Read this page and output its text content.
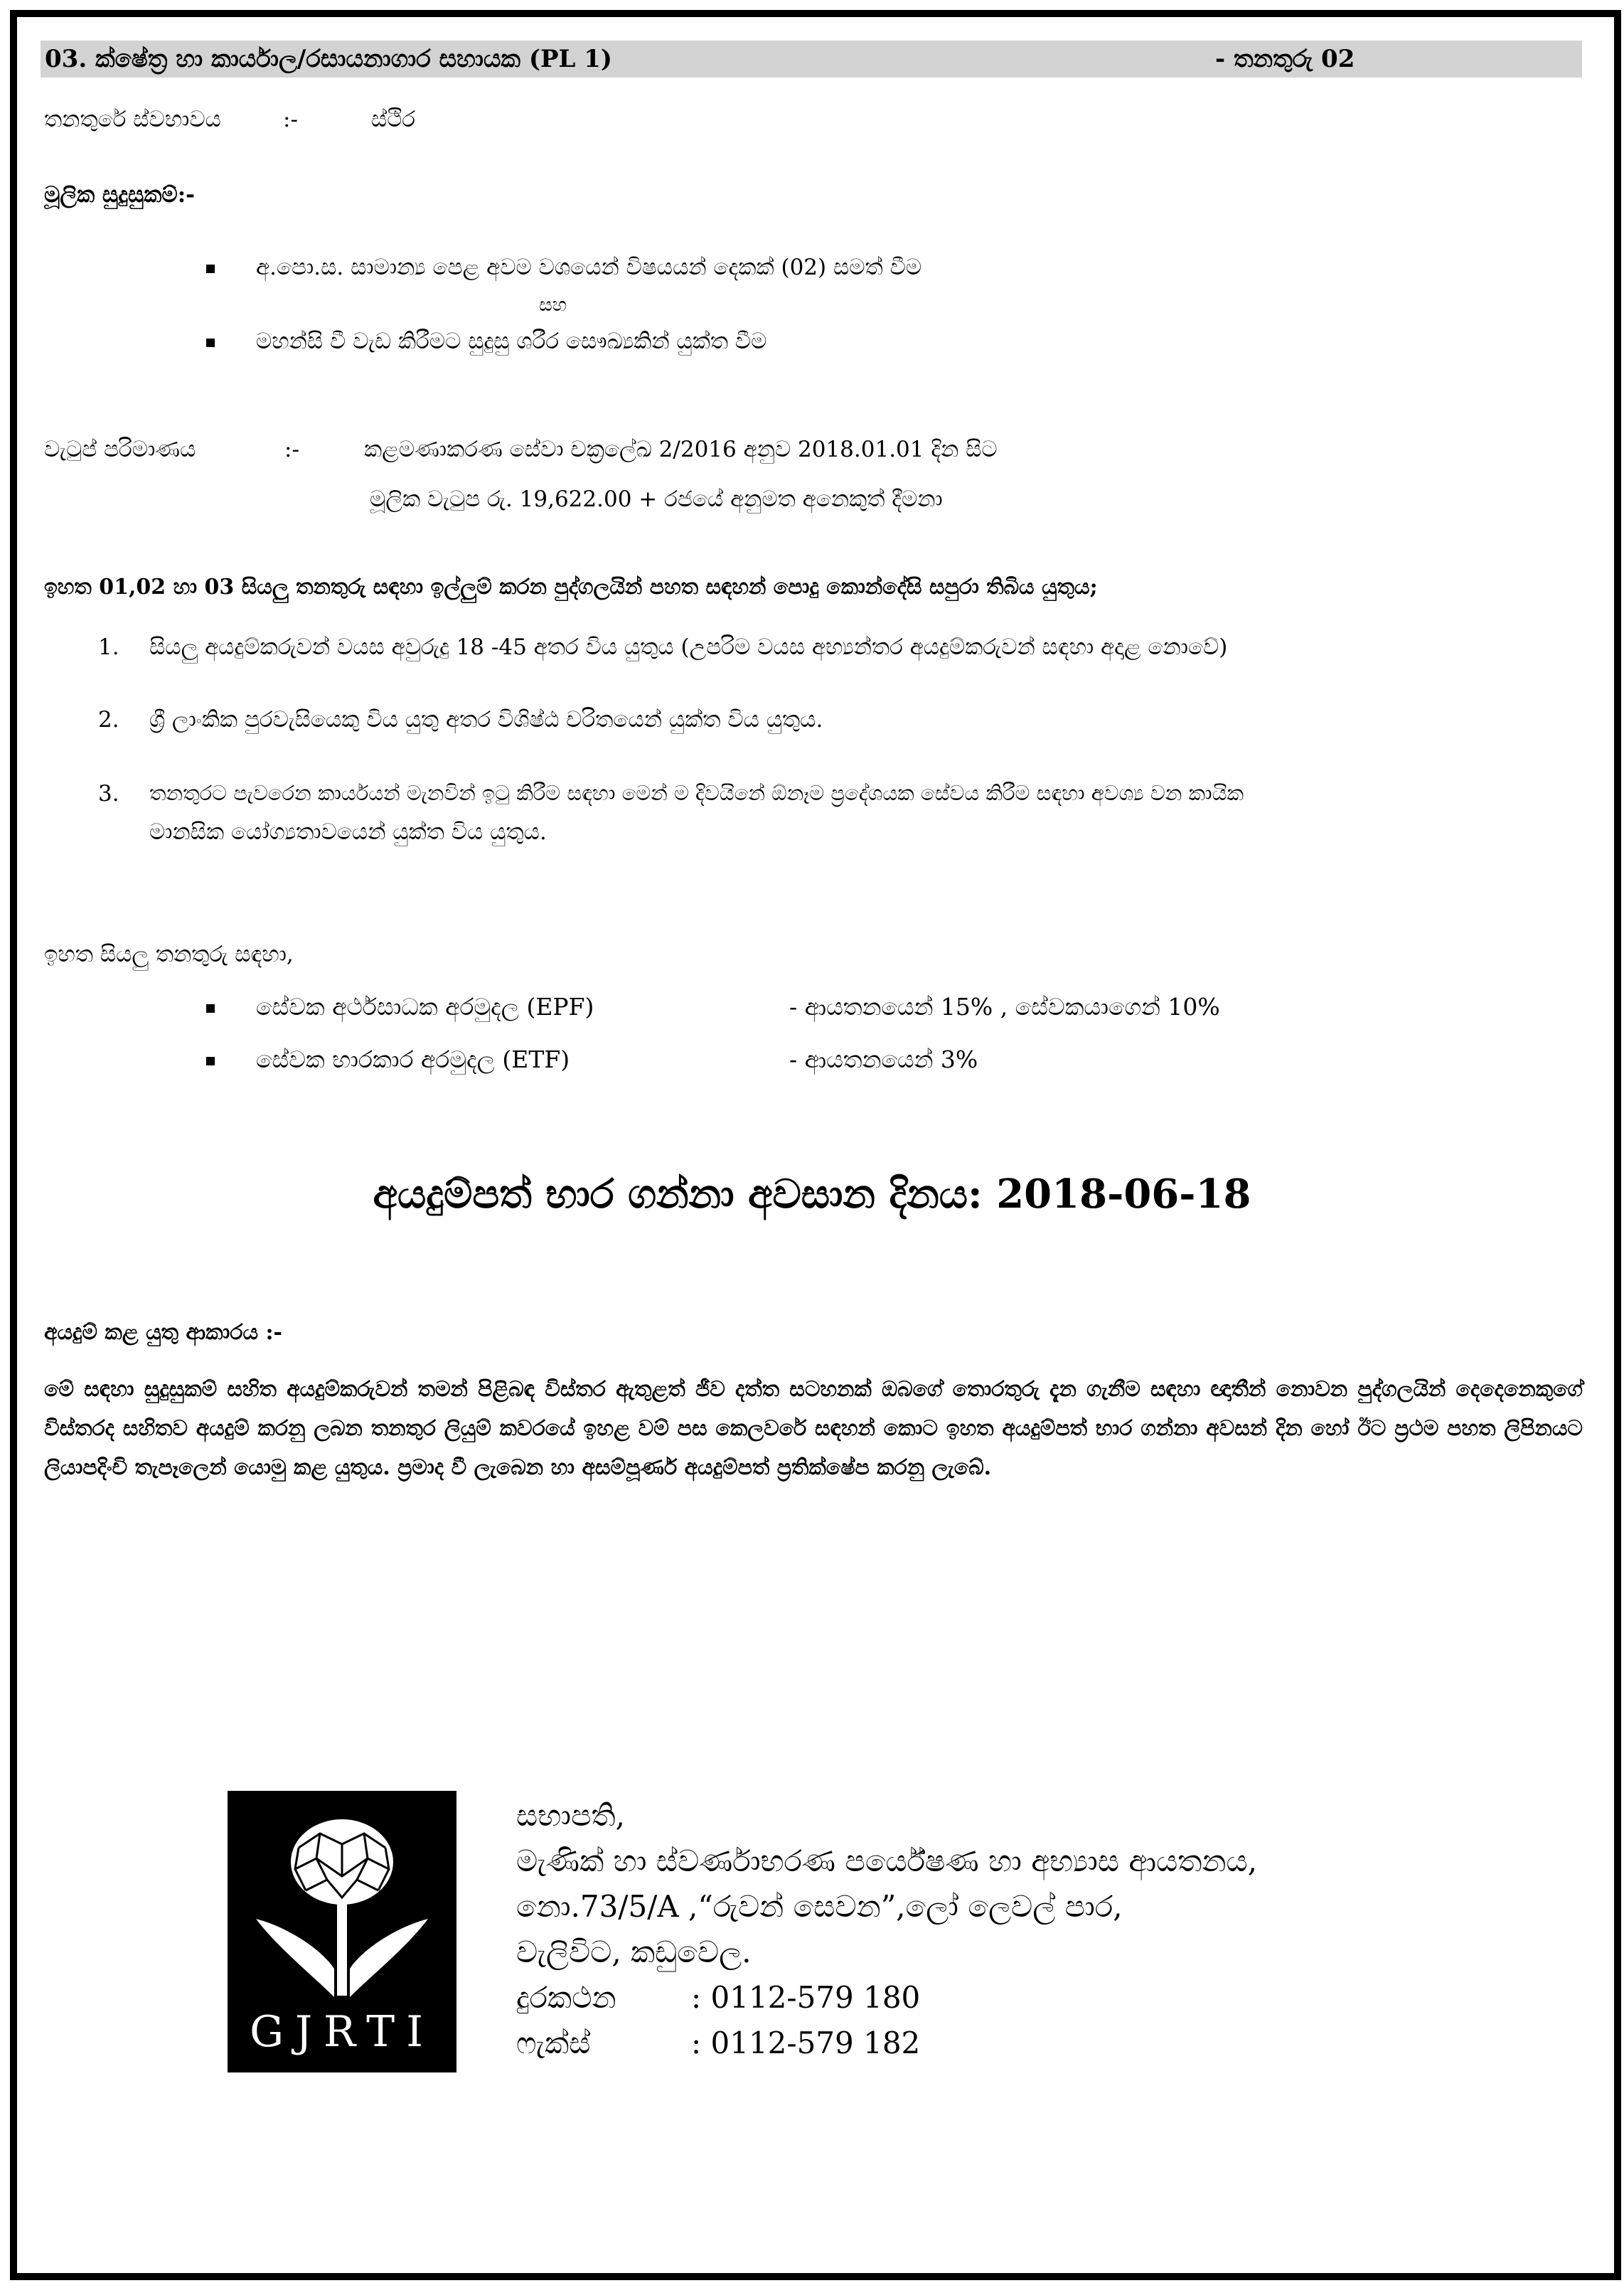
03. ක්ෂේත්‍ර හා කාර්යාල/රසායනාගාර සහායක (PL 1)	- තනතුරු 02
තනතුරේ ස්වභාවය	:-	ස්ථිර
මූලික සුදුසුකම්:-
අ.පො.ස. සාමාන්‍ය පෙළ අවම වශයෙන් විෂයයන් දෙකක් (02) සමත් වීම
සහ
මහන්සි වී වැඩ කිරීමට සුදුසු ශරීර සෞඛ්‍යකින් යුක්ත වීම
වැටුප් පරිමාණය	:-	කළමණාකරණ සේවා චක්‍රලේඛ 2/2016 අනුව 2018.01.01 දින සිට
මූලික වැටුප රු. 19,622.00 + රජයේ අනුමත අනෙකුත් දීමනා
ඉහත 01,02 හා 03 සියලු තනතුරු සඳහා ඉල්ලුම් කරන පුද්ගලයින් පහත සඳහන් පොදු කොන්දේසි සපුරා තිබිය යුතුය;
1. සියලු අයදුම්කරුවන් වයස අවුරුදු 18 -45 අතර විය යුතුය (උපරිම වයස අභ්‍යන්තර අයදුම්කරුවන් සඳහා අදාළ නොවේ)
2. ශ්‍රී ලාංකික පුරවැසියෙකු විය යුතු අතර විශිෂ්ඨ චරිතයෙන් යුක්ත විය යුතුය.
3. තනතුරට පැවරෙන කාර්යයන් මැනවින් ඉටු කිරීම සඳහා මෙන් ම දිවයිනේ ඕනෑම ප්‍රදේශයක සේවය කිරීම සඳහා අවශ්‍ය වන කායික
මානසික යෝග්‍යතාවයෙන් යුක්ත විය යුතුය.
ඉහත සියලු තනතුරු සඳහා,
සේවක අර්ථසාධක අරමුදල (EPF)	- ආයතනයෙන් 15% , සේවකයාගෙන් 10%
සේවක භාරකාර අරමුදල (ETF)	- ආයතනයෙන් 3%
අයදුම්පත් භාර ගන්නා අවසාන දිනය: 2018-06-18
අයදුම් කළ යුතු ආකාරය :-
මේ සඳහා සුදුසුකම් සහිත අයදුම්කරුවන් තමන් පිළිබඳ විස්තර ඇතුළත් ජීව දත්ත සටහනක් ඔබගේ තොරතුරු දැන ගැනීම සඳහා ඥාතීන් නොවන පුද්ගලයින් දෙදෙනෙකුගේ විස්තරද සහිතව අයදුම් කරනු ලබන තනතුර ලියුම් කවරයේ ඉහළ වම් පස කෙලවරේ සඳහන් කොට ඉහත අයදුම්පත් භාර ගන්නා අවසන් දින හෝ ඊට ප්‍රථම පහත ලිපිනයට ලියාපදිංචි තැපෑලෙන් යොමු කළ යුතුය. ප්‍රමාද වී ලැබෙන හා අසම්පූර්ණ අයදුම්පත් ප්‍රතික්ෂේප කරනු ලැබේ.
GJRTI
සභාපති,
මැණික් හා ස්වර්ණාභරණ පර්යේෂණ හා අභ්‍යාස ආයතනය,
නො.73/5/A ,“රුවන් සෙවන”,ලෝ ලෙවල් පාර,
වැලිවිට, කඩුවෙල.
දුරකථන	: 0112-579 180
ෆැක්ස්	: 0112-579 182
